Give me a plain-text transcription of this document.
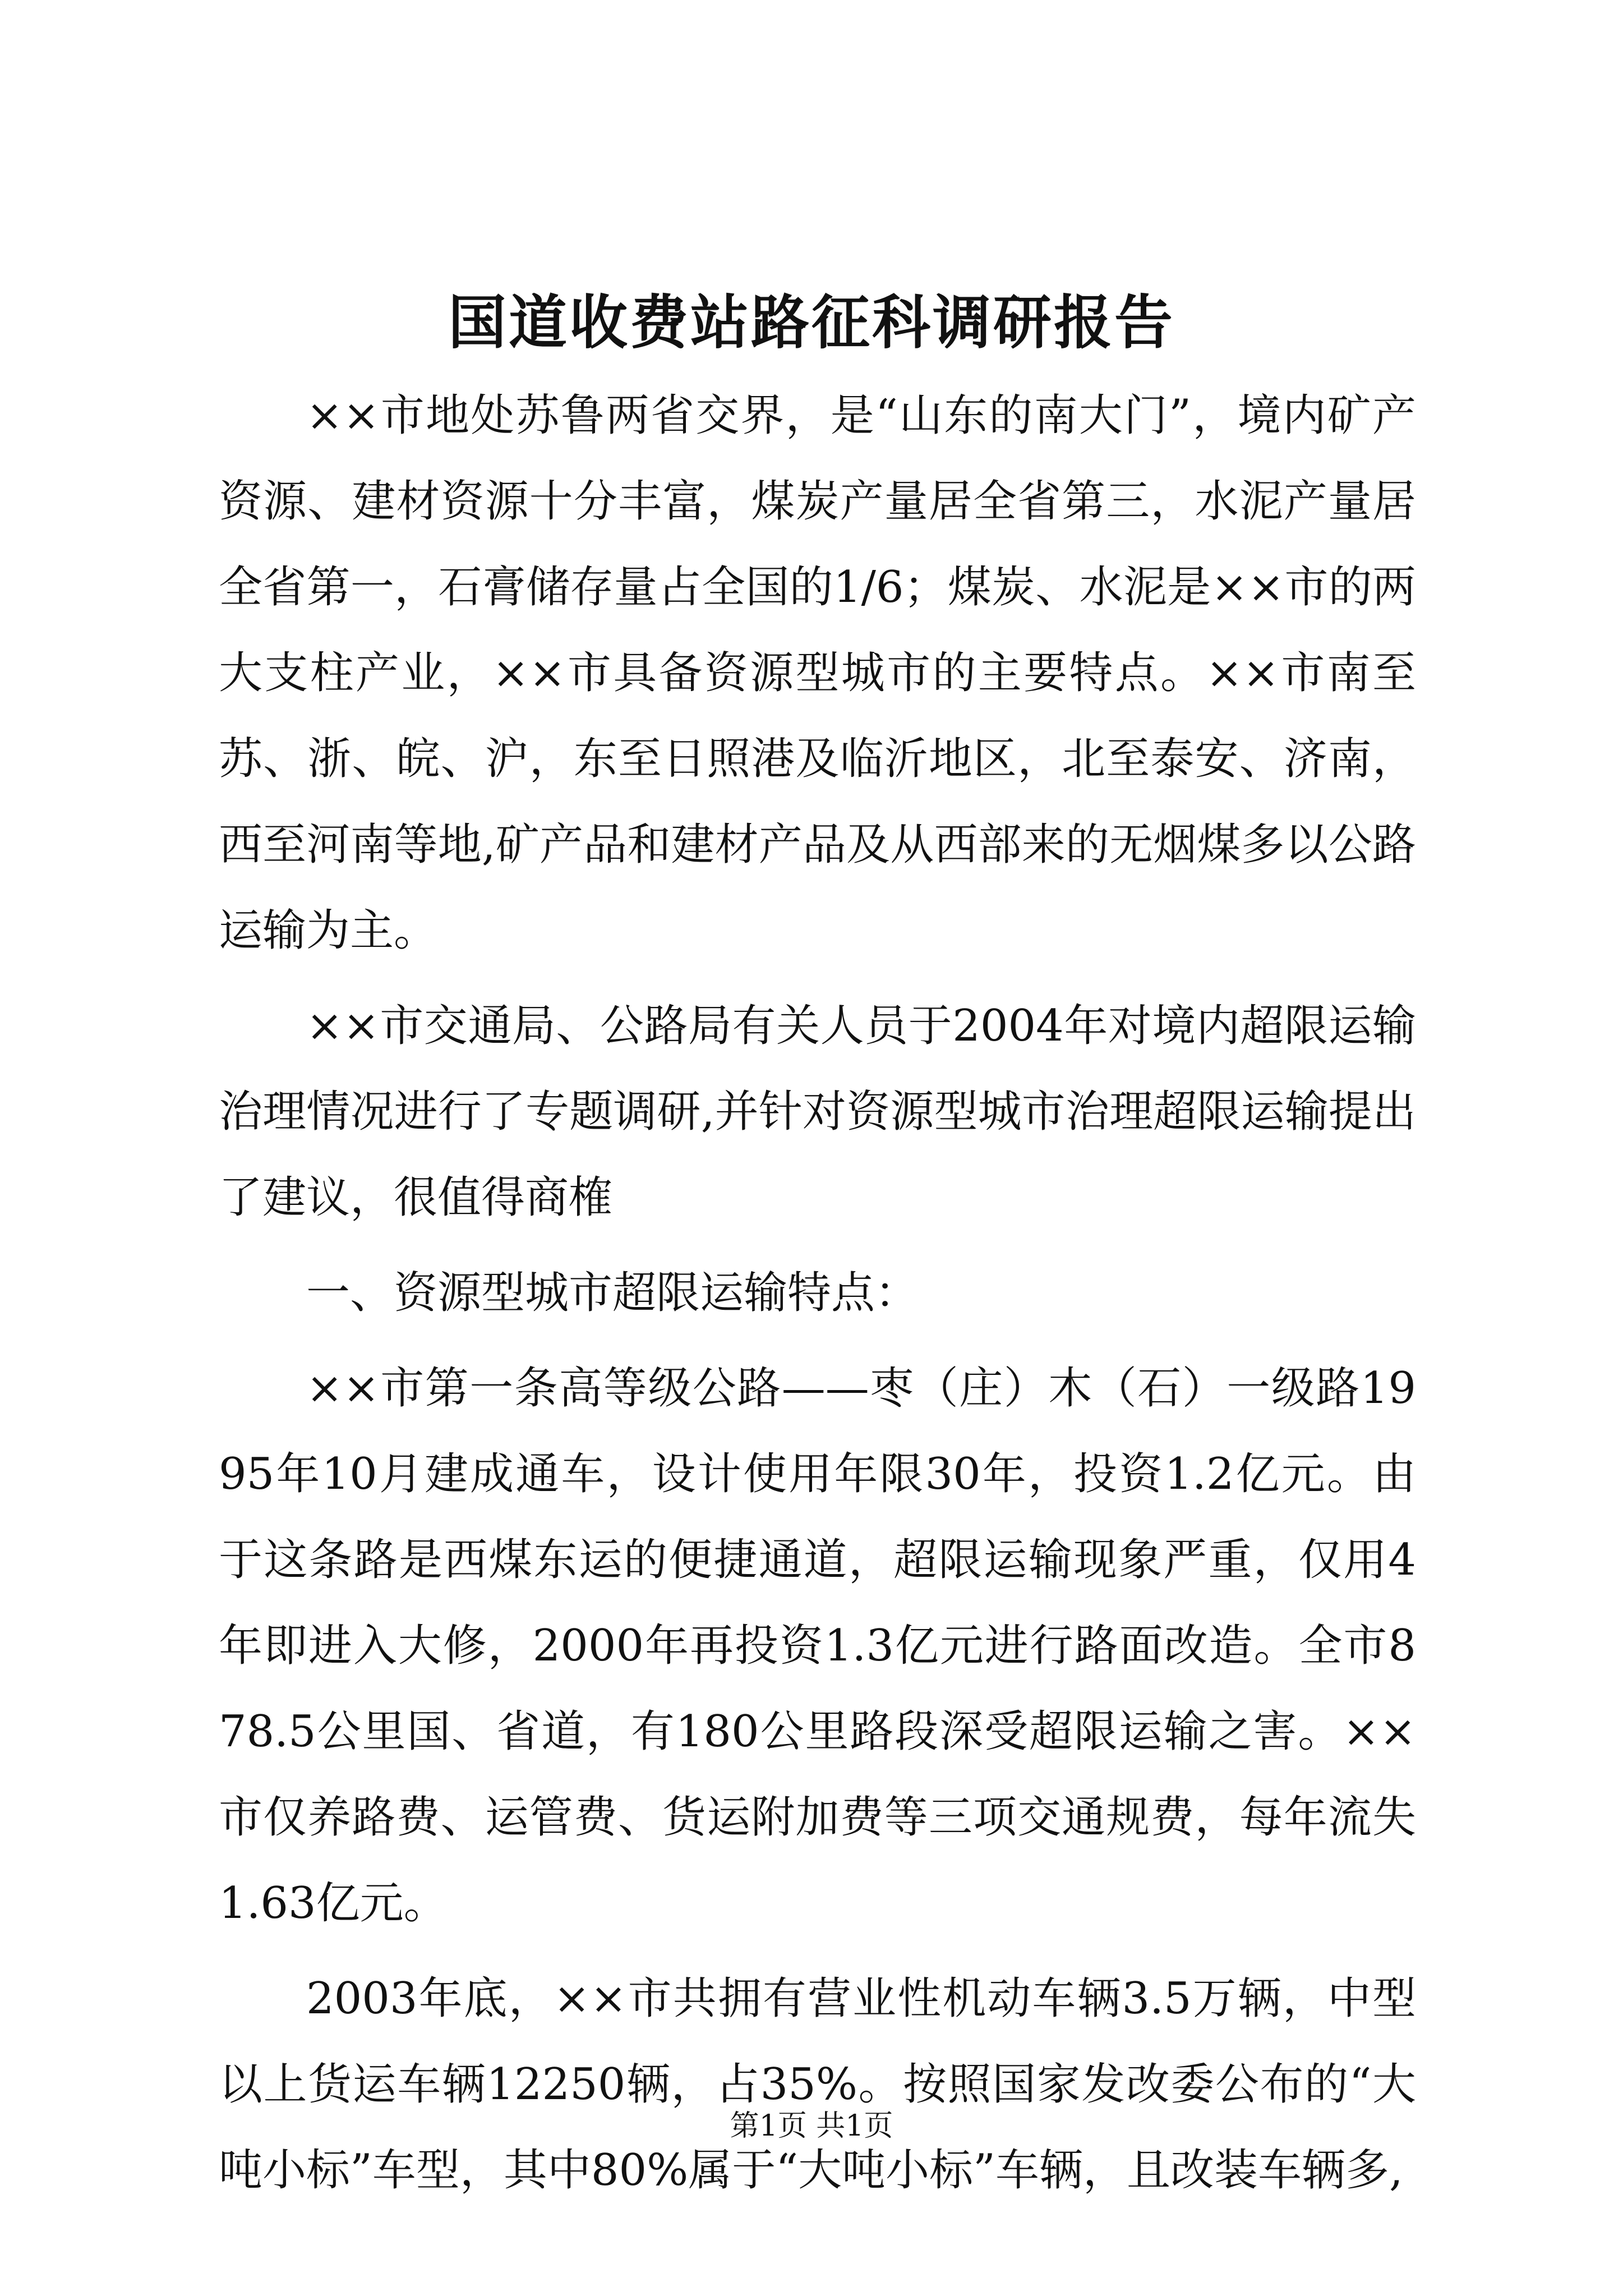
国道收费站路征科调研报告

××市地处苏鲁两省交界，是“山东的南大门”，境内矿产资源、建材资源十分丰富，煤炭产量居全省第三，水泥产量居全省第一，石膏储存量占全国的1/6；煤炭、水泥是××市的两大支柱产业，××市具备资源型城市的主要特点。××市南至苏、浙、皖、沪，东至日照港及临沂地区，北至泰安、济南，西至河南等地,矿产品和建材产品及从西部来的无烟煤多以公路运输为主。

××市交通局、公路局有关人员于2004年对境内超限运输治理情况进行了专题调研,并针对资源型城市治理超限运输提出了建议，很值得商榷

一、资源型城市超限运输特点：

××市第一条高等级公路——枣（庄）木（石）一级路1995年10月建成通车，设计使用年限30年，投资1.2亿元。由于这条路是西煤东运的便捷通道，超限运输现象严重，仅用4年即进入大修，2000年再投资1.3亿元进行路面改造。全市878.5公里国、省道，有180公里路段深受超限运输之害。××市仅养路费、运管费、货运附加费等三项交通规费，每年流失1.63亿元。

2003年底，××市共拥有营业性机动车辆3.5万辆，中型以上货运车辆12250辆，占35%。按照国家发改委公布的“大吨小标”车型，其中80%属于“大吨小标”车辆，且改装车辆多,

第1页 共1页
